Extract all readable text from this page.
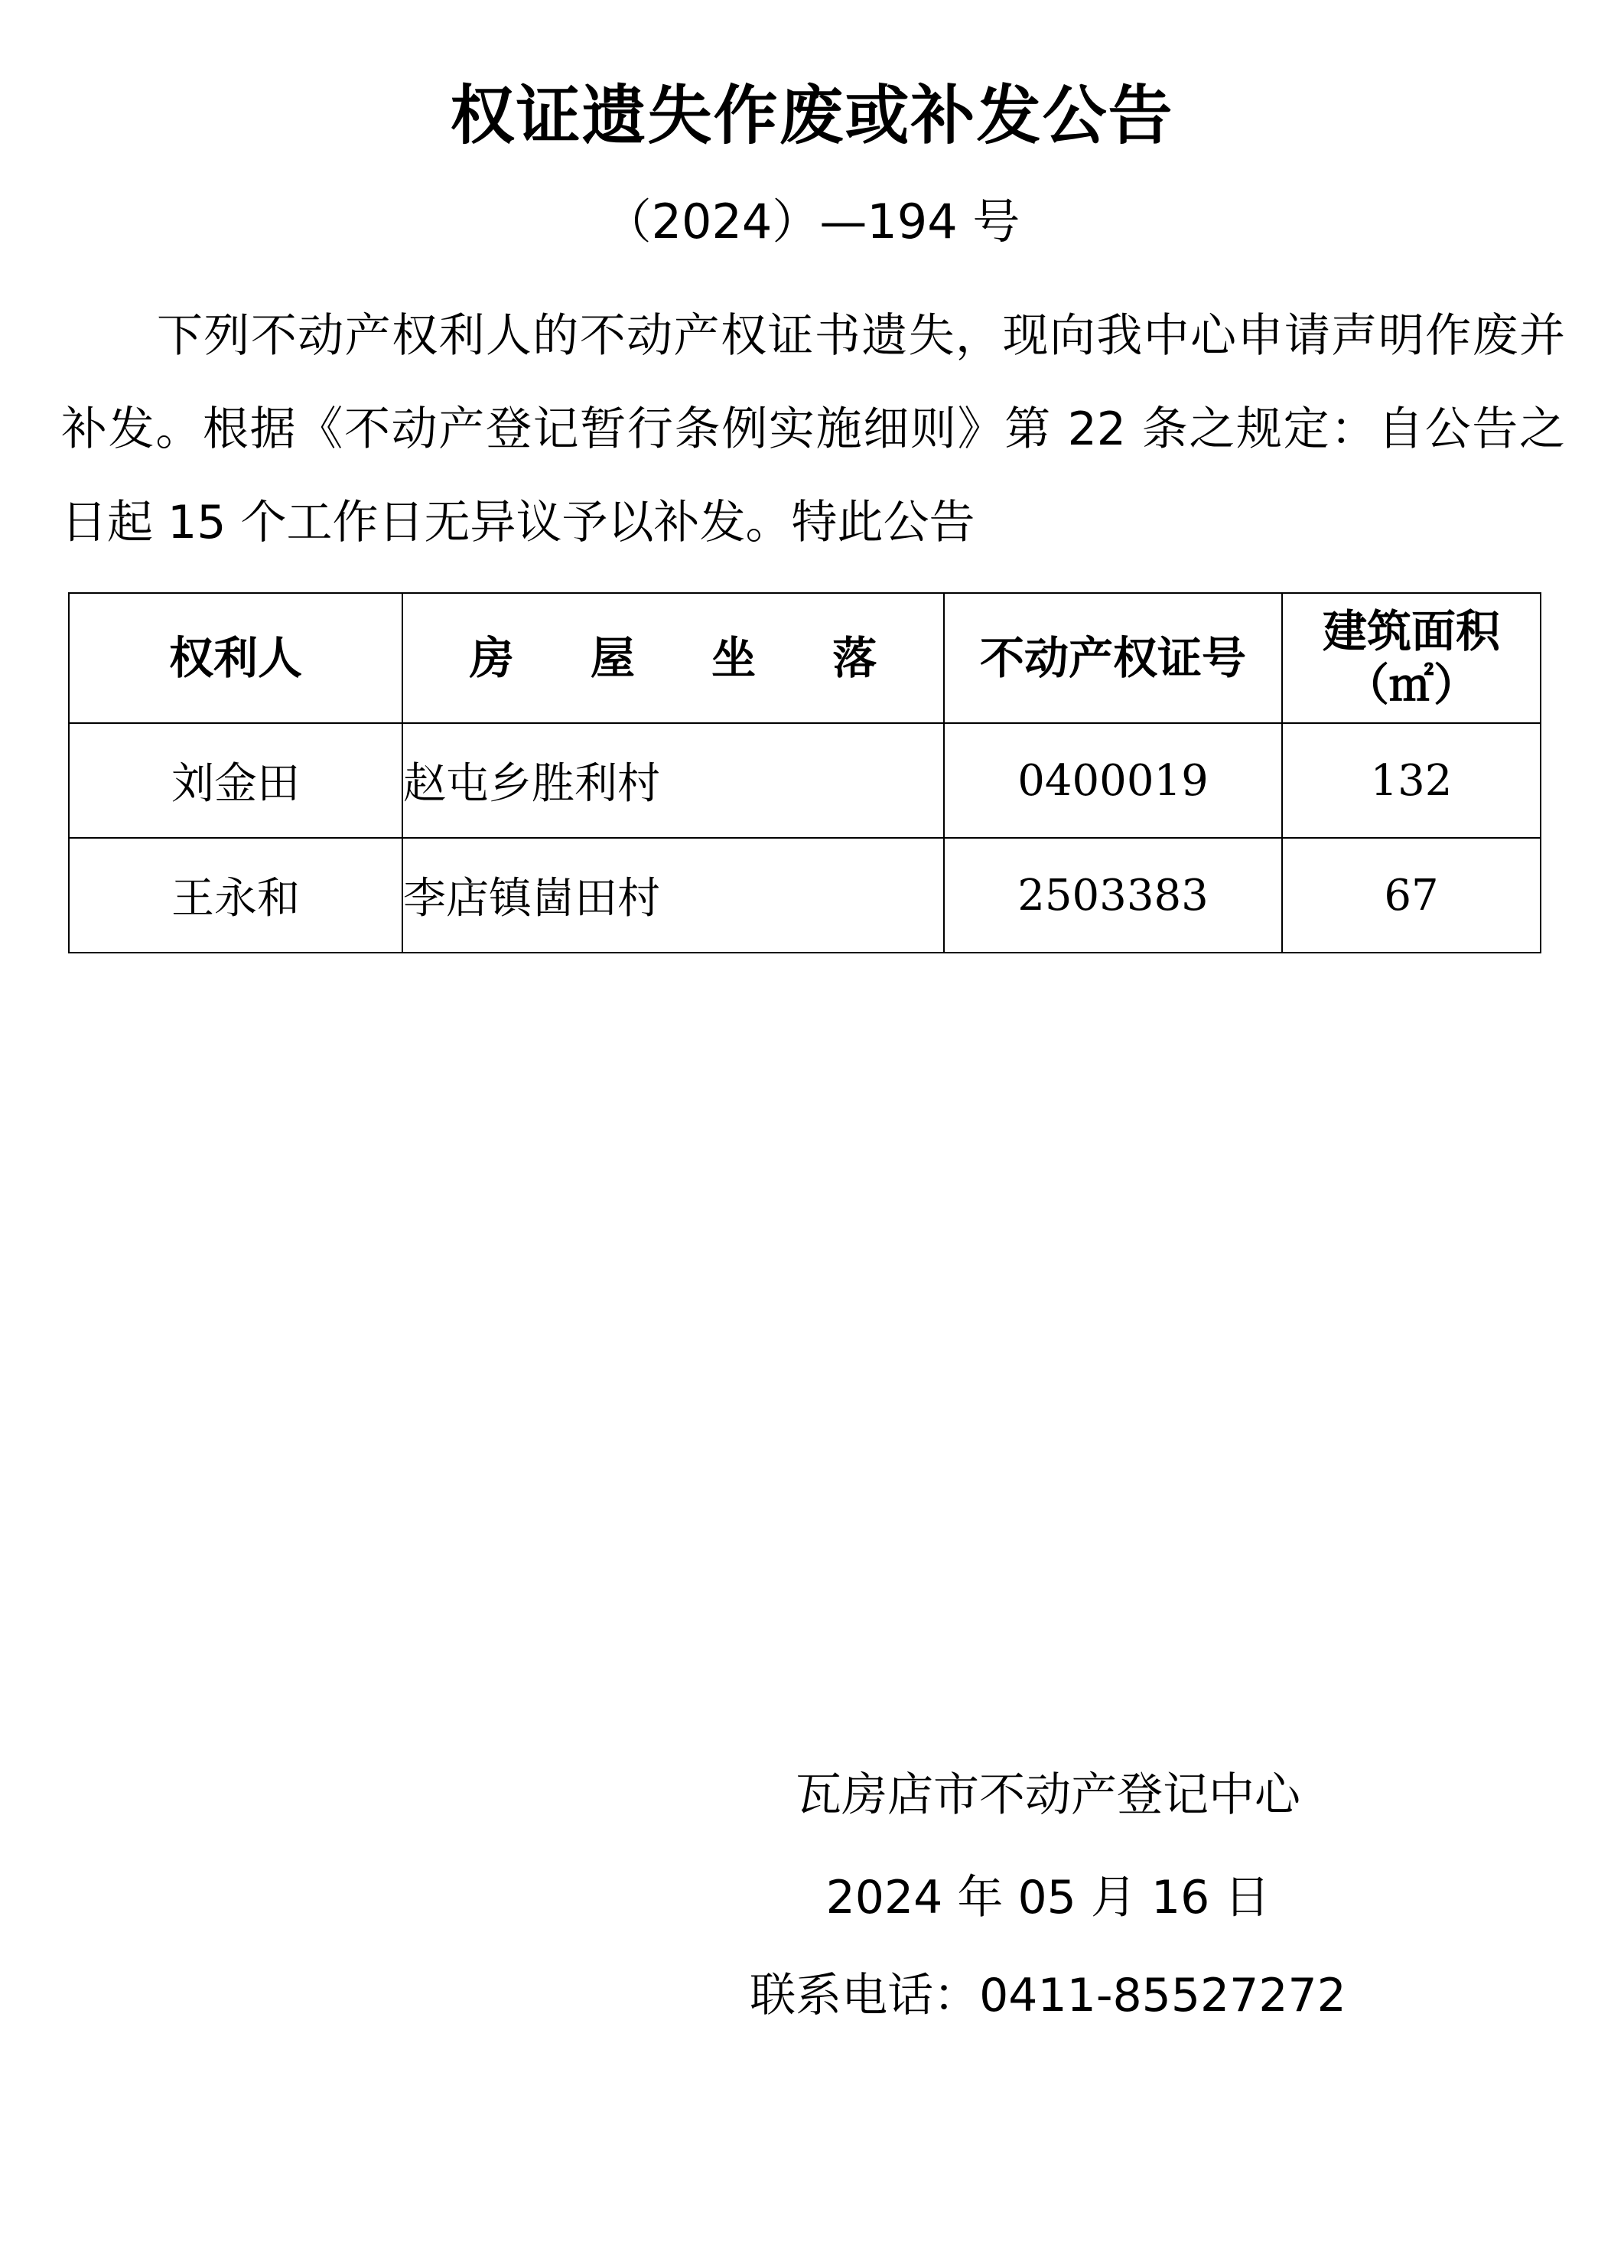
权证遗失作废或补发公告
（2024）—194 号

下列不动产权利人的不动产权证书遗失，现向我中心申请声明作废并补发。根据《不动产登记暂行条例实施细则》第 22 条之规定：自公告之日起 15 个工作日无异议予以补发。特此公告

权利人	房 屋 坐 落	不动产权证号	建筑面积
（㎡）

刘金田	赵屯乡胜利村	0400019	132
王永和	李店镇崮田村	2503383	67
瓦房店市不动产登记中心
2024 年 05 月 16 日
联系电话：0411-85527272
